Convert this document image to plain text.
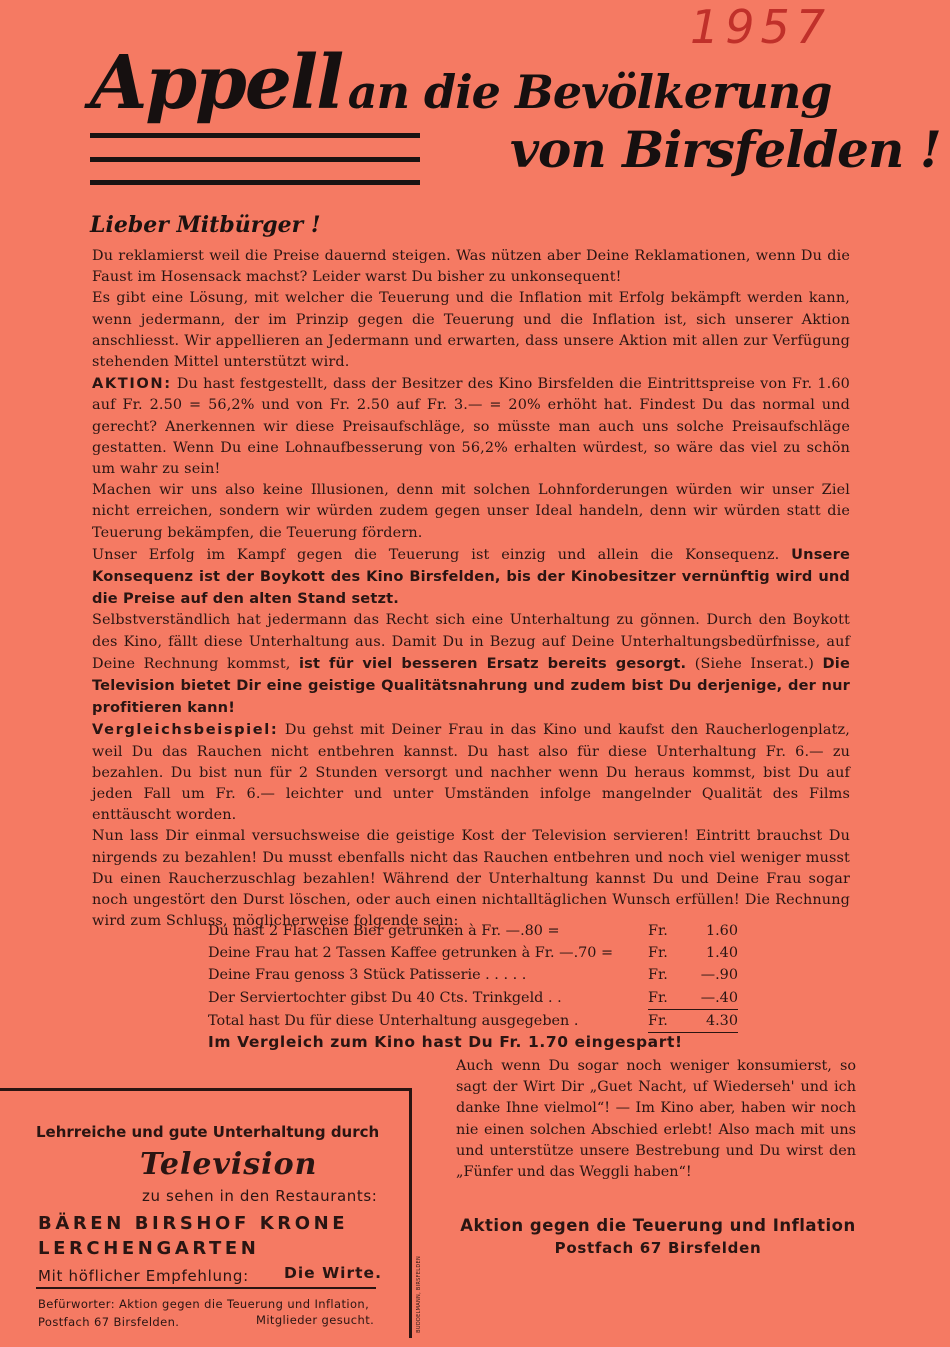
1957
Appell an die Bevölkerung
von Birsfelden !
Lieber Mitbürger !

Du reklamierst weil die Preise dauernd steigen. Was nützen aber Deine Reklamationen, wenn Du die Faust im Hosensack machst? Leider warst Du bisher zu unkonsequent!

Es gibt eine Lösung, mit welcher die Teuerung und die Inflation mit Erfolg bekämpft werden kann, wenn jedermann, der im Prinzip gegen die Teuerung und die Inflation ist, sich unserer Aktion anschliesst. Wir appellieren an Jedermann und erwarten, dass unsere Aktion mit allen zur Verfügung stehenden Mittel unterstützt wird.

AKTION: Du hast festgestellt, dass der Besitzer des Kino Birsfelden die Eintrittspreise von Fr. 1.60 auf Fr. 2.50 = 56,2% und von Fr. 2.50 auf Fr. 3.— = 20% erhöht hat. Findest Du das normal und gerecht? Anerkennen wir diese Preisaufschläge, so müsste man auch uns solche Preisaufschläge gestatten. Wenn Du eine Lohnaufbesserung von 56,2% erhalten würdest, so wäre das viel zu schön um wahr zu sein!

Machen wir uns also keine Illusionen, denn mit solchen Lohnforderungen würden wir unser Ziel nicht erreichen, sondern wir würden zudem gegen unser Ideal handeln, denn wir würden statt die Teuerung bekämpfen, die Teuerung fördern.

Unser Erfolg im Kampf gegen die Teuerung ist einzig und allein die Konsequenz. Unsere Konsequenz ist der Boykott des Kino Birsfelden, bis der Kinobesitzer vernünftig wird und die Preise auf den alten Stand setzt.

Selbstverständlich hat jedermann das Recht sich eine Unterhaltung zu gönnen. Durch den Boykott des Kino, fällt diese Unterhaltung aus. Damit Du in Bezug auf Deine Unterhaltungsbedürfnisse, auf Deine Rechnung kommst, ist für viel besseren Ersatz bereits gesorgt. (Siehe Inserat.) Die Television bietet Dir eine geistige Qualitätsnahrung und zudem bist Du derjenige, der nur profitieren kann!

Vergleichsbeispiel: Du gehst mit Deiner Frau in das Kino und kaufst den Raucherlogenplatz, weil Du das Rauchen nicht entbehren kannst. Du hast also für diese Unterhaltung Fr. 6.— zu bezahlen. Du bist nun für 2 Stunden versorgt und nachher wenn Du heraus kommst, bist Du auf jeden Fall um Fr. 6.— leichter und unter Umständen infolge mangelnder Qualität des Films enttäuscht worden.

Nun lass Dir einmal versuchsweise die geistige Kost der Television servieren! Eintritt brauchst Du nirgends zu bezahlen! Du musst ebenfalls nicht das Rauchen entbehren und noch viel weniger musst Du einen Raucherzuschlag bezahlen! Während der Unterhaltung kannst Du und Deine Frau sogar noch ungestört den Durst löschen, oder auch einen nichtalltäglichen Wunsch erfüllen! Die Rechnung wird zum Schluss, möglicherweise folgende sein:

Du hast 2 Flaschen Bier getrunken à Fr. —.80 =	Fr.	1.60
Deine Frau hat 2 Tassen Kaffee getrunken à Fr. —.70 =	Fr.	1.40
Deine Frau genoss 3 Stück Patisserie . . . . .	Fr.	—.90
Der Serviertochter gibst Du 40 Cts. Trinkgeld . .	Fr.	—.40
Total hast Du für diese Unterhaltung ausgegeben .	Fr.	4.30
Im Vergleich zum Kino hast Du Fr. 1.70 eingespart!
Lehrreiche und gute Unterhaltung durch
Television
zu sehen in den Restaurants:
BÄREN BIRSHOF KRONE
LERCHENGARTEN
Mit höflicher Empfehlung: Die Wirte.
Befürworter: Aktion gegen die Teuerung und Inflation,
Postfach 67 Birsfelden.	Mitglieder gesucht.	BUDDELMANN, BIRSFELDEN

Auch wenn Du sogar noch weniger konsumierst, so sagt der Wirt Dir „Guet Nacht, uf Wiederseh' und ich danke Ihne vielmol“! — Im Kino aber, haben wir noch nie einen solchen Abschied erlebt! Also mach mit uns und unterstütze unsere Bestrebung und Du wirst den „Fünfer und das Weggli haben“!

Aktion gegen die Teuerung und Inflation
Postfach 67 Birsfelden
